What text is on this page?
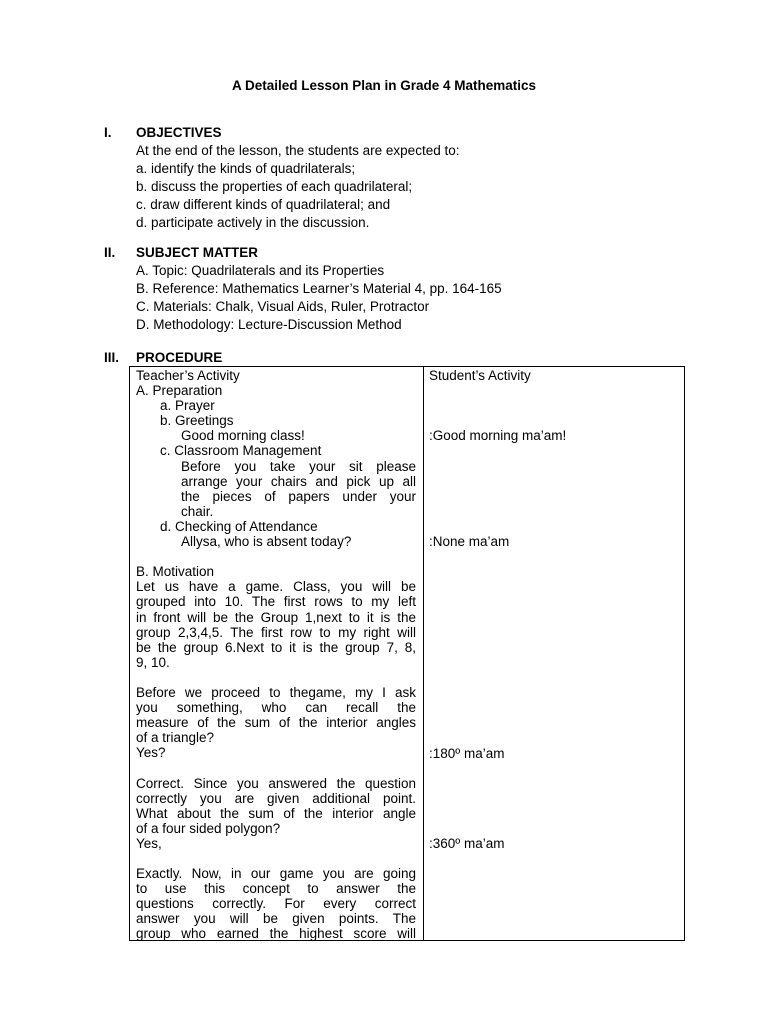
A Detailed Lesson Plan in Grade 4 Mathematics
I. OBJECTIVES
At the end of the lesson, the students are expected to:
a. identify the kinds of quadrilaterals;
b. discuss the properties of each quadrilateral;
c. draw different kinds of quadrilateral; and
d. participate actively in the discussion.
II. SUBJECT MATTER
A. Topic: Quadrilaterals and its Properties
B. Reference: Mathematics Learner’s Material 4, pp. 164-165
C. Materials: Chalk, Visual Aids, Ruler, Protractor
D. Methodology: Lecture-Discussion Method
III. PROCEDURE
Teacher’s Activity
A. Preparation
a. Prayer
b. Greetings
Good morning class!
c. Classroom Management
Before you take your sit please
arrange your chairs and pick up all
the pieces of papers under your
chair.
d. Checking of Attendance
Allysa, who is absent today?
B. Motivation
Let us have a game. Class, you will be
grouped into 10. The first rows to my left
in front will be the Group 1,next to it is the
group 2,3,4,5. The first row to my right will
be the group 6.Next to it is the group 7, 8,
9, 10.
Before we proceed to thegame, my I ask
you something, who can recall the
measure of the sum of the interior angles
of a triangle?
Yes?
Correct. Since you answered the question
correctly you are given additional point.
What about the sum of the interior angle
of a four sided polygon?
Yes,
Exactly. Now, in our game you are going
to use this concept to answer the
questions correctly. For every correct
answer you will be given points. The
group who earned the highest score will
Student’s Activity
:Good morning ma’am!
:None ma’am
:180º ma’am
:360º ma’am
